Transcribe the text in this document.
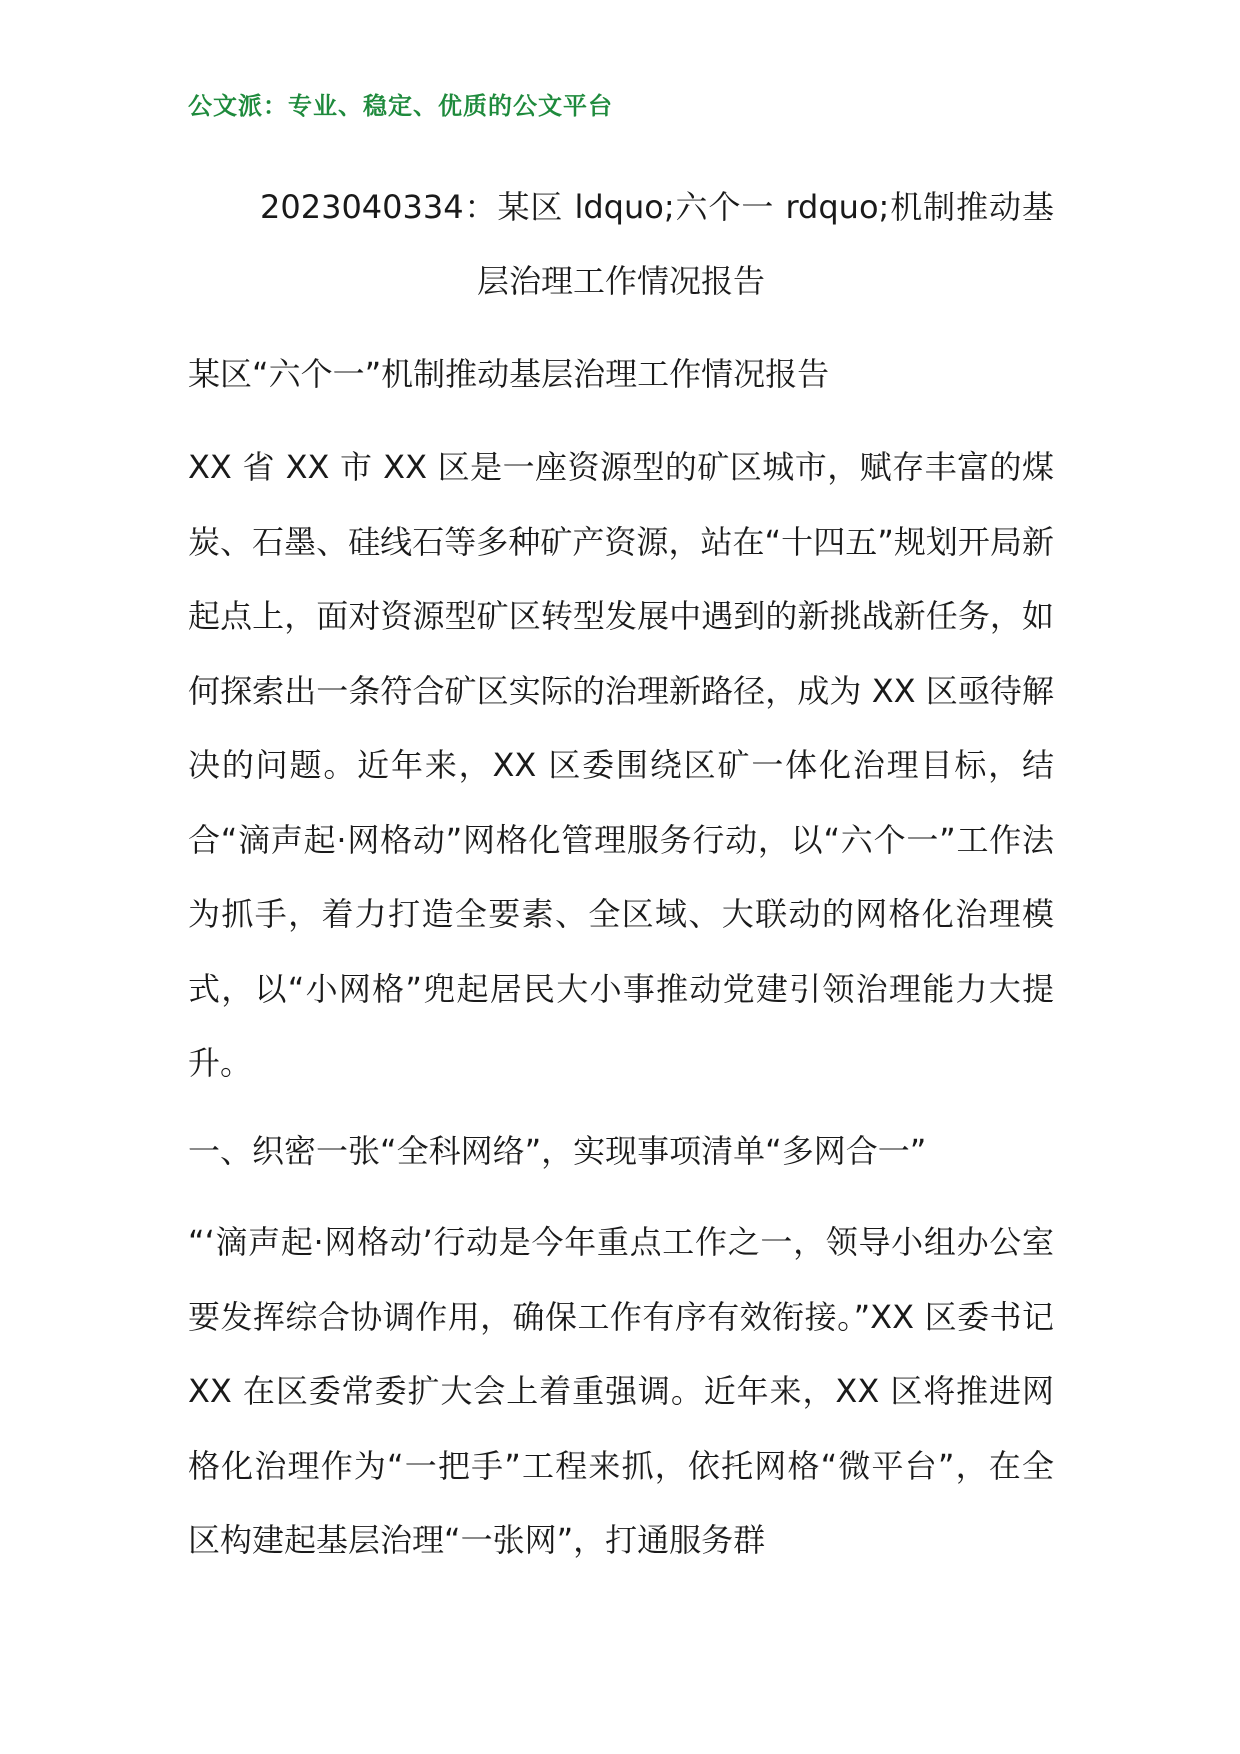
公文派：专业、稳定、优质的公文平台
2023040334：某区 ldquo;六个一 rdquo;机制推动基层治理工作情况报告

某区“六个一”机制推动基层治理工作情况报告

XX 省 XX 市 XX 区是一座资源型的矿区城市，赋存丰富的煤炭、石墨、硅线石等多种矿产资源，站在“十四五”规划开局新起点上，面对资源型矿区转型发展中遇到的新挑战新任务，如何探索出一条符合矿区实际的治理新路径，成为 XX 区亟待解决的问题。近年来，XX 区委围绕区矿一体化治理目标，结合“滴声起·网格动”网格化管理服务行动，以“六个一”工作法为抓手，着力打造全要素、全区域、大联动的网格化治理模式，以“小网格”兜起居民大小事推动党建引领治理能力大提升。

一、织密一张“全科网络”，实现事项清单“多网合一”

“‘滴声起·网格动’行动是今年重点工作之一，领导小组办公室要发挥综合协调作用，确保工作有序有效衔接。”XX 区委书记 XX 在区委常委扩大会上着重强调。近年来，XX 区将推进网格化治理作为“一把手”工程来抓，依托网格“微平台”，在全区构建起基层治理“一张网”，打通服务群
